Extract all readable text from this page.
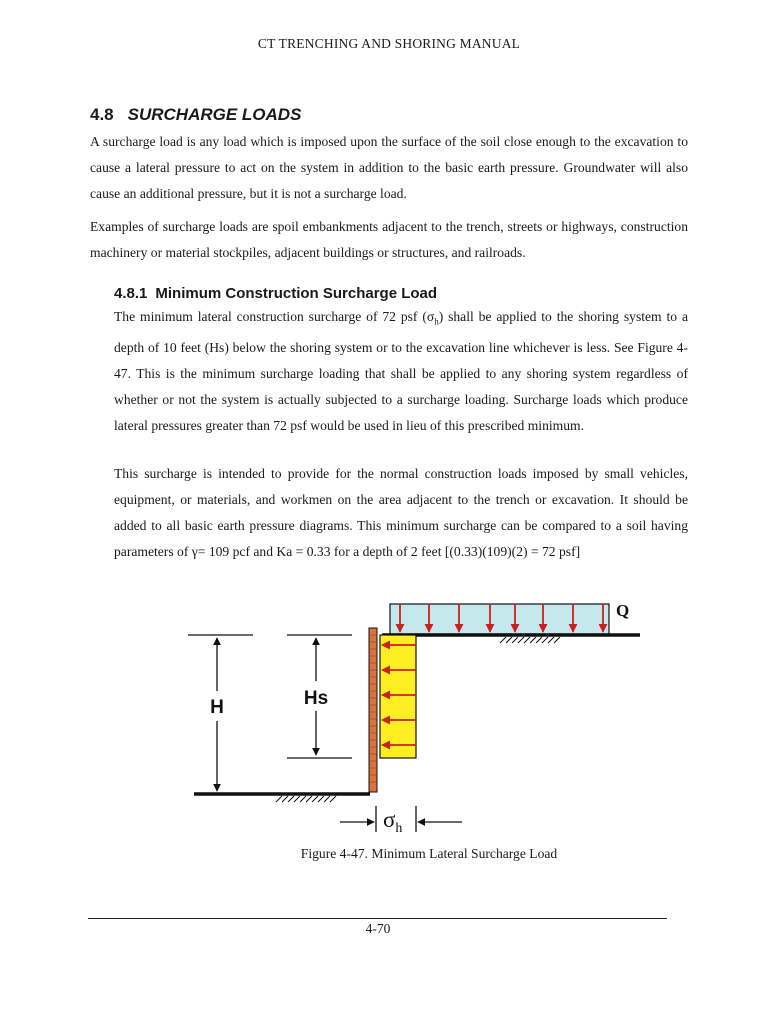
CT TRENCHING AND SHORING MANUAL
4.8 SURCHARGE LOADS
A surcharge load is any load which is imposed upon the surface of the soil close enough to the excavation to cause a lateral pressure to act on the system in addition to the basic earth pressure. Groundwater will also cause an additional pressure, but it is not a surcharge load.
Examples of surcharge loads are spoil embankments adjacent to the trench, streets or highways, construction machinery or material stockpiles, adjacent buildings or structures, and railroads.
4.8.1 Minimum Construction Surcharge Load
The minimum lateral construction surcharge of 72 psf $(\sigma_h)$ shall be applied to the shoring system to a depth of 10 feet (Hs) below the shoring system or to the excavation line whichever is less. See Figure 4-47. This is the minimum surcharge loading that shall be applied to any shoring system regardless of whether or not the system is actually subjected to a surcharge loading. Surcharge loads which produce lateral pressures greater than 72 psf would be used in lieu of this prescribed minimum.
This surcharge is intended to provide for the normal construction loads imposed by small vehicles, equipment, or materials, and workmen on the area adjacent to the trench or excavation. It should be added to all basic earth pressure diagrams. This minimum surcharge can be compared to a soil having parameters of γ= 109 pcf and Ka = 0.33 for a depth of 2 feet [(0.33)(109)(2) = 72 psf]
Q
H	Hs
$\sigma_h$
Figure 4-47. Minimum Lateral Surcharge Load
4-70
